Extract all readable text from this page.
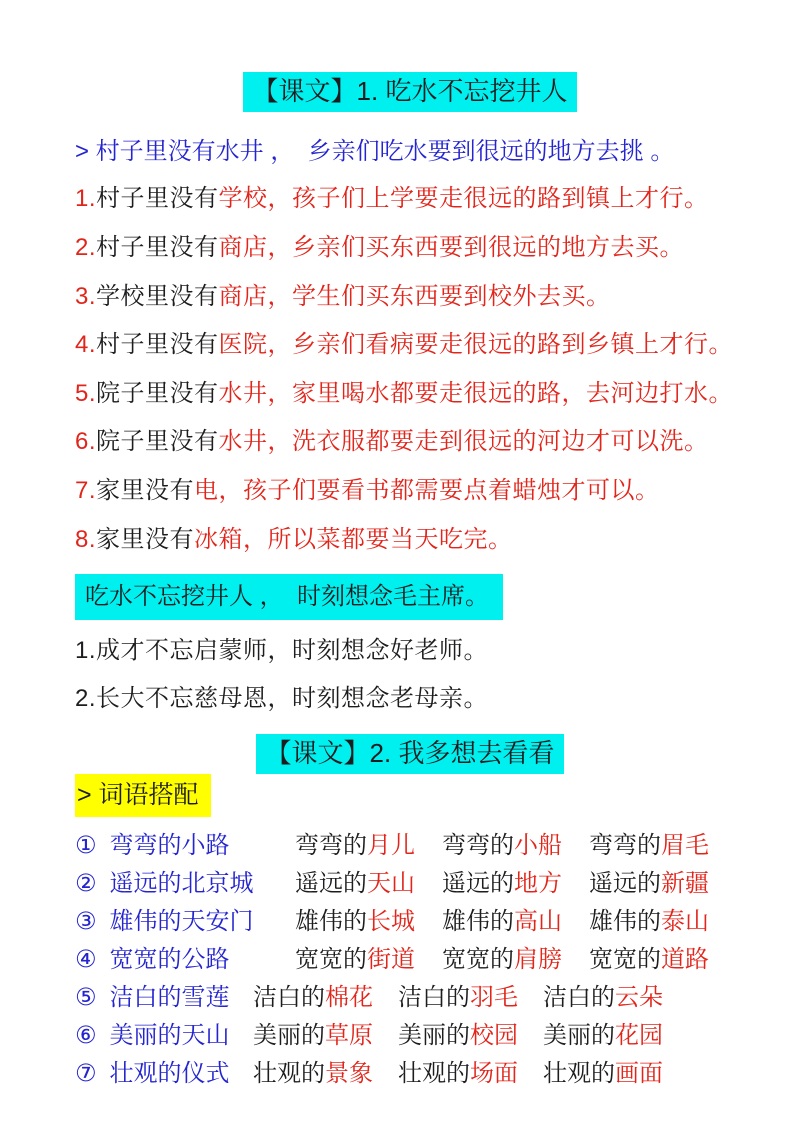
【课文】1. 吃水不忘挖井人

> 村子里没有水井 ，  乡亲们吃水要到很远的地方去挑 。

1.村子里没有学校，孩子们上学要走很远的路到镇上才行。

2.村子里没有商店，乡亲们买东西要到很远的地方去买。

3.学校里没有商店，学生们买东西要到校外去买。

4.村子里没有医院，乡亲们看病要走很远的路到乡镇上才行。

5.院子里没有水井，家里喝水都要走很远的路，去河边打水。

6.院子里没有水井，洗衣服都要走到很远的河边才可以洗。

7.家里没有电，孩子们要看书都需要点着蜡烛才可以。

8.家里没有冰箱，所以菜都要当天吃完。

吃水不忘挖井人 ，  时刻想念毛主席。

1.成才不忘启蒙师，时刻想念好老师。

2.长大不忘慈母恩，时刻想念老母亲。

【课文】2. 我多想去看看

> 词语搭配

① 弯弯的小路	弯弯的月儿 弯弯的小船 弯弯的眉毛
② 遥远的北京城 遥远的天山 遥远的地方 遥远的新疆
③ 雄伟的天安门 雄伟的长城 雄伟的高山 雄伟的泰山
④ 宽宽的公路	宽宽的街道 宽宽的肩膀 宽宽的道路
⑤ 洁白的雪莲 洁白的棉花 洁白的羽毛 洁白的云朵
⑥ 美丽的天山 美丽的草原 美丽的校园 美丽的花园
⑦ 壮观的仪式 壮观的景象 壮观的场面 壮观的画面
